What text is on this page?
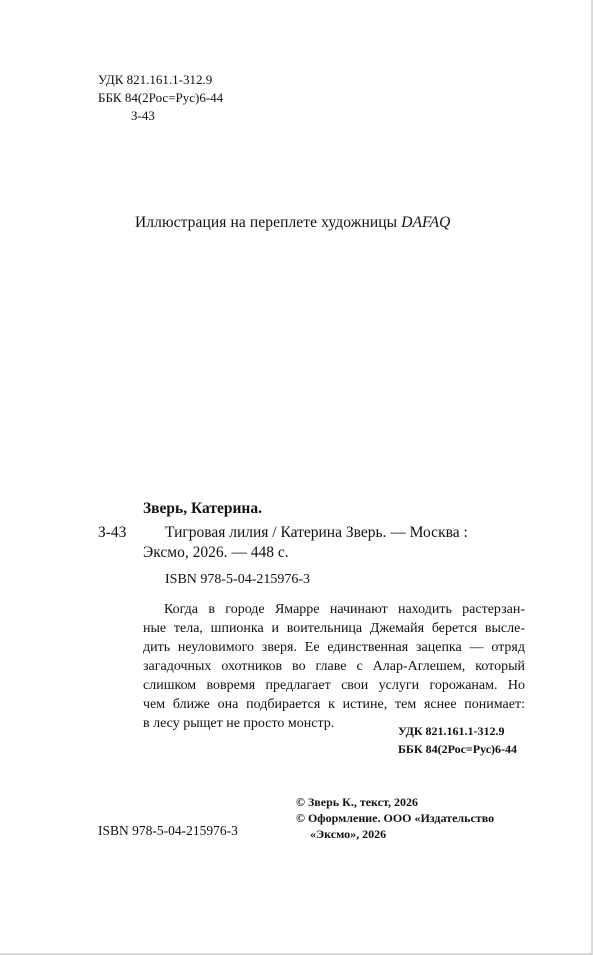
УДК 821.161.1-312.9
ББК 84(2Рос=Рус)6-44
З-43
Иллюстрация на переплете художницы DAFAQ
Зверь, Катерина.
З-43 Тигровая лилия / Катерина Зверь. — Москва :
Эксмо, 2026. — 448 с.
ISBN 978-5-04-215976-3
Когда в городе Ямарре начинают находить растерзан-
ные тела, шпионка и воительница Джемайя берется высле-
дить неуловимого зверя. Ее единственная зацепка — отряд
загадочных охотников во главе с Алар-Аглешем, который
слишком вовремя предлагает свои услуги горожанам. Но
чем ближе она подбирается к истине, тем яснее понимает:
в лесу рыщет не просто монстр.	УДК 821.161.1-312.9
ББК 84(2Рос=Рус)6-44
© Зверь К., текст, 2026
© Оформление. ООО «Издательство
«Эксмо», 2026
ISBN 978-5-04-215976-3
